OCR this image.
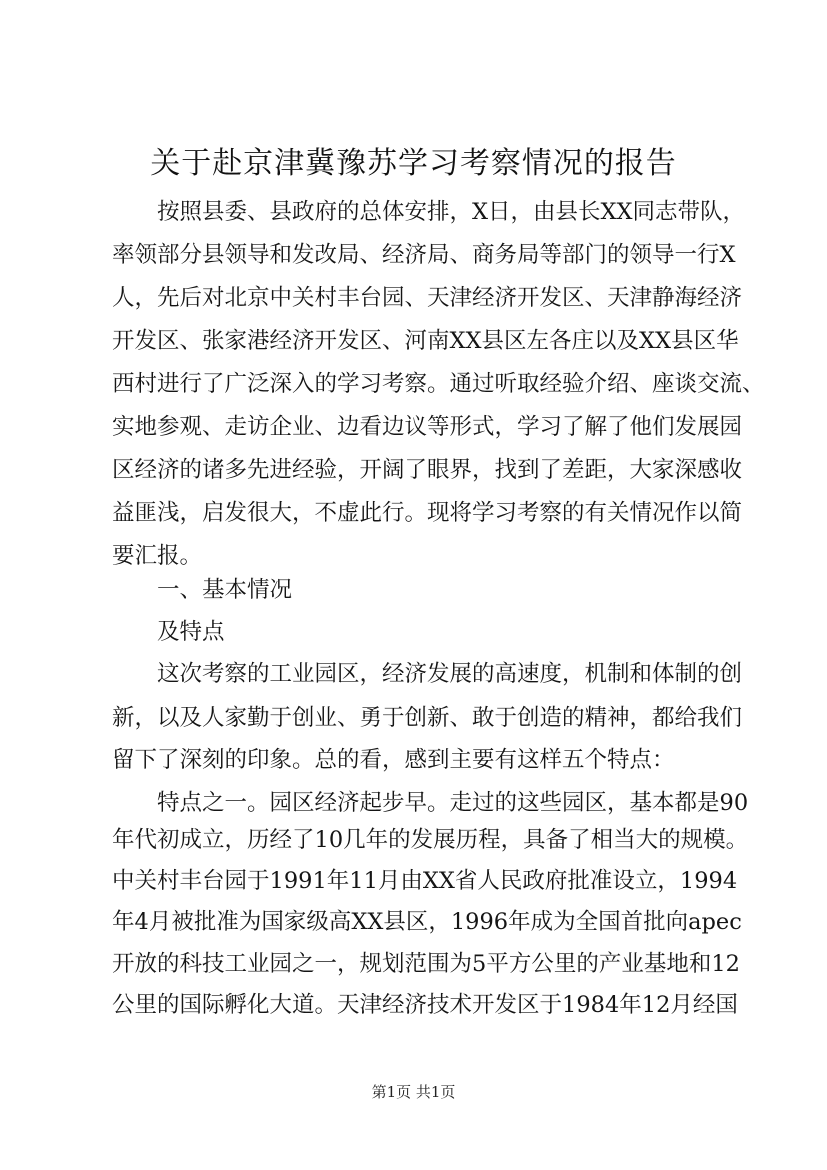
关于赴京津冀豫苏学习考察情况的报告
按照县委、县政府的总体安排，X日，由县长XX同志带队，
率领部分县领导和发改局、经济局、商务局等部门的领导一行X
人，先后对北京中关村丰台园、天津经济开发区、天津静海经济
开发区、张家港经济开发区、河南XX县区左各庄以及XX县区华
西村进行了广泛深入的学习考察。通过听取经验介绍、座谈交流、
实地参观、走访企业、边看边议等形式，学习了解了他们发展园
区经济的诸多先进经验，开阔了眼界，找到了差距，大家深感收
益匪浅，启发很大，不虚此行。现将学习考察的有关情况作以简
要汇报。
一、基本情况
及特点
这次考察的工业园区，经济发展的高速度，机制和体制的创
新，以及人家勤于创业、勇于创新、敢于创造的精神，都给我们
留下了深刻的印象。总的看，感到主要有这样五个特点：
特点之一。园区经济起步早。走过的这些园区，基本都是90
年代初成立，历经了10几年的发展历程，具备了相当大的规模。
中关村丰台园于1991年11月由XX省人民政府批准设立，1994
年4月被批准为国家级高XX县区，1996年成为全国首批向apec
开放的科技工业园之一，规划范围为5平方公里的产业基地和12
公里的国际孵化大道。天津经济技术开发区于1984年12月经国
第1页 共1页
